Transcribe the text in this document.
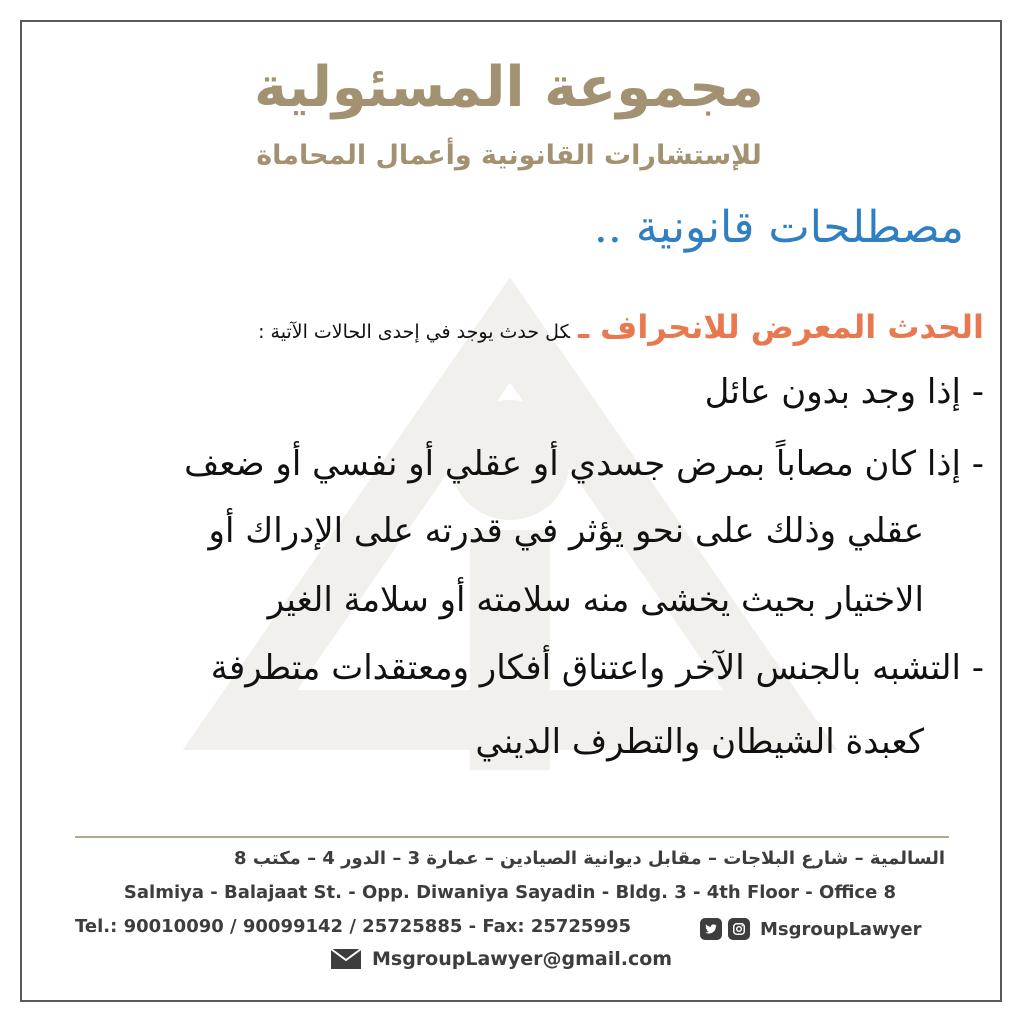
مجموعة المسئولية
للإستشارات القانونية وأعمال المحاماة
مصطلحات قانونية ..
الحدث المعرض للانحراف ـكل حدث يوجد في إحدى الحالات الآتية :
- إذا وجد بدون عائل
- إذا كان مصاباً بمرض جسدي أو عقلي أو نفسي أو ضعف
عقلي وذلك على نحو يؤثر في قدرته على الإدراك أو
الاختيار بحيث يخشى منه سلامته أو سلامة الغير
- التشبه بالجنس الآخر واعتناق أفكار ومعتقدات متطرفة
كعبدة الشيطان والتطرف الديني
السالمية – شارع البلاجات – مقابل ديوانية الصيادين – عمارة 3 – الدور 4 – مكتب 8
Salmiya - Balajaat St. - Opp. Diwaniya Sayadin - Bldg. 3 - 4th Floor - Office 8
Tel.: 90010090 / 90099142 / 25725885 - Fax: 25725995	MsgroupLawyer
MsgroupLawyer@gmail.com
